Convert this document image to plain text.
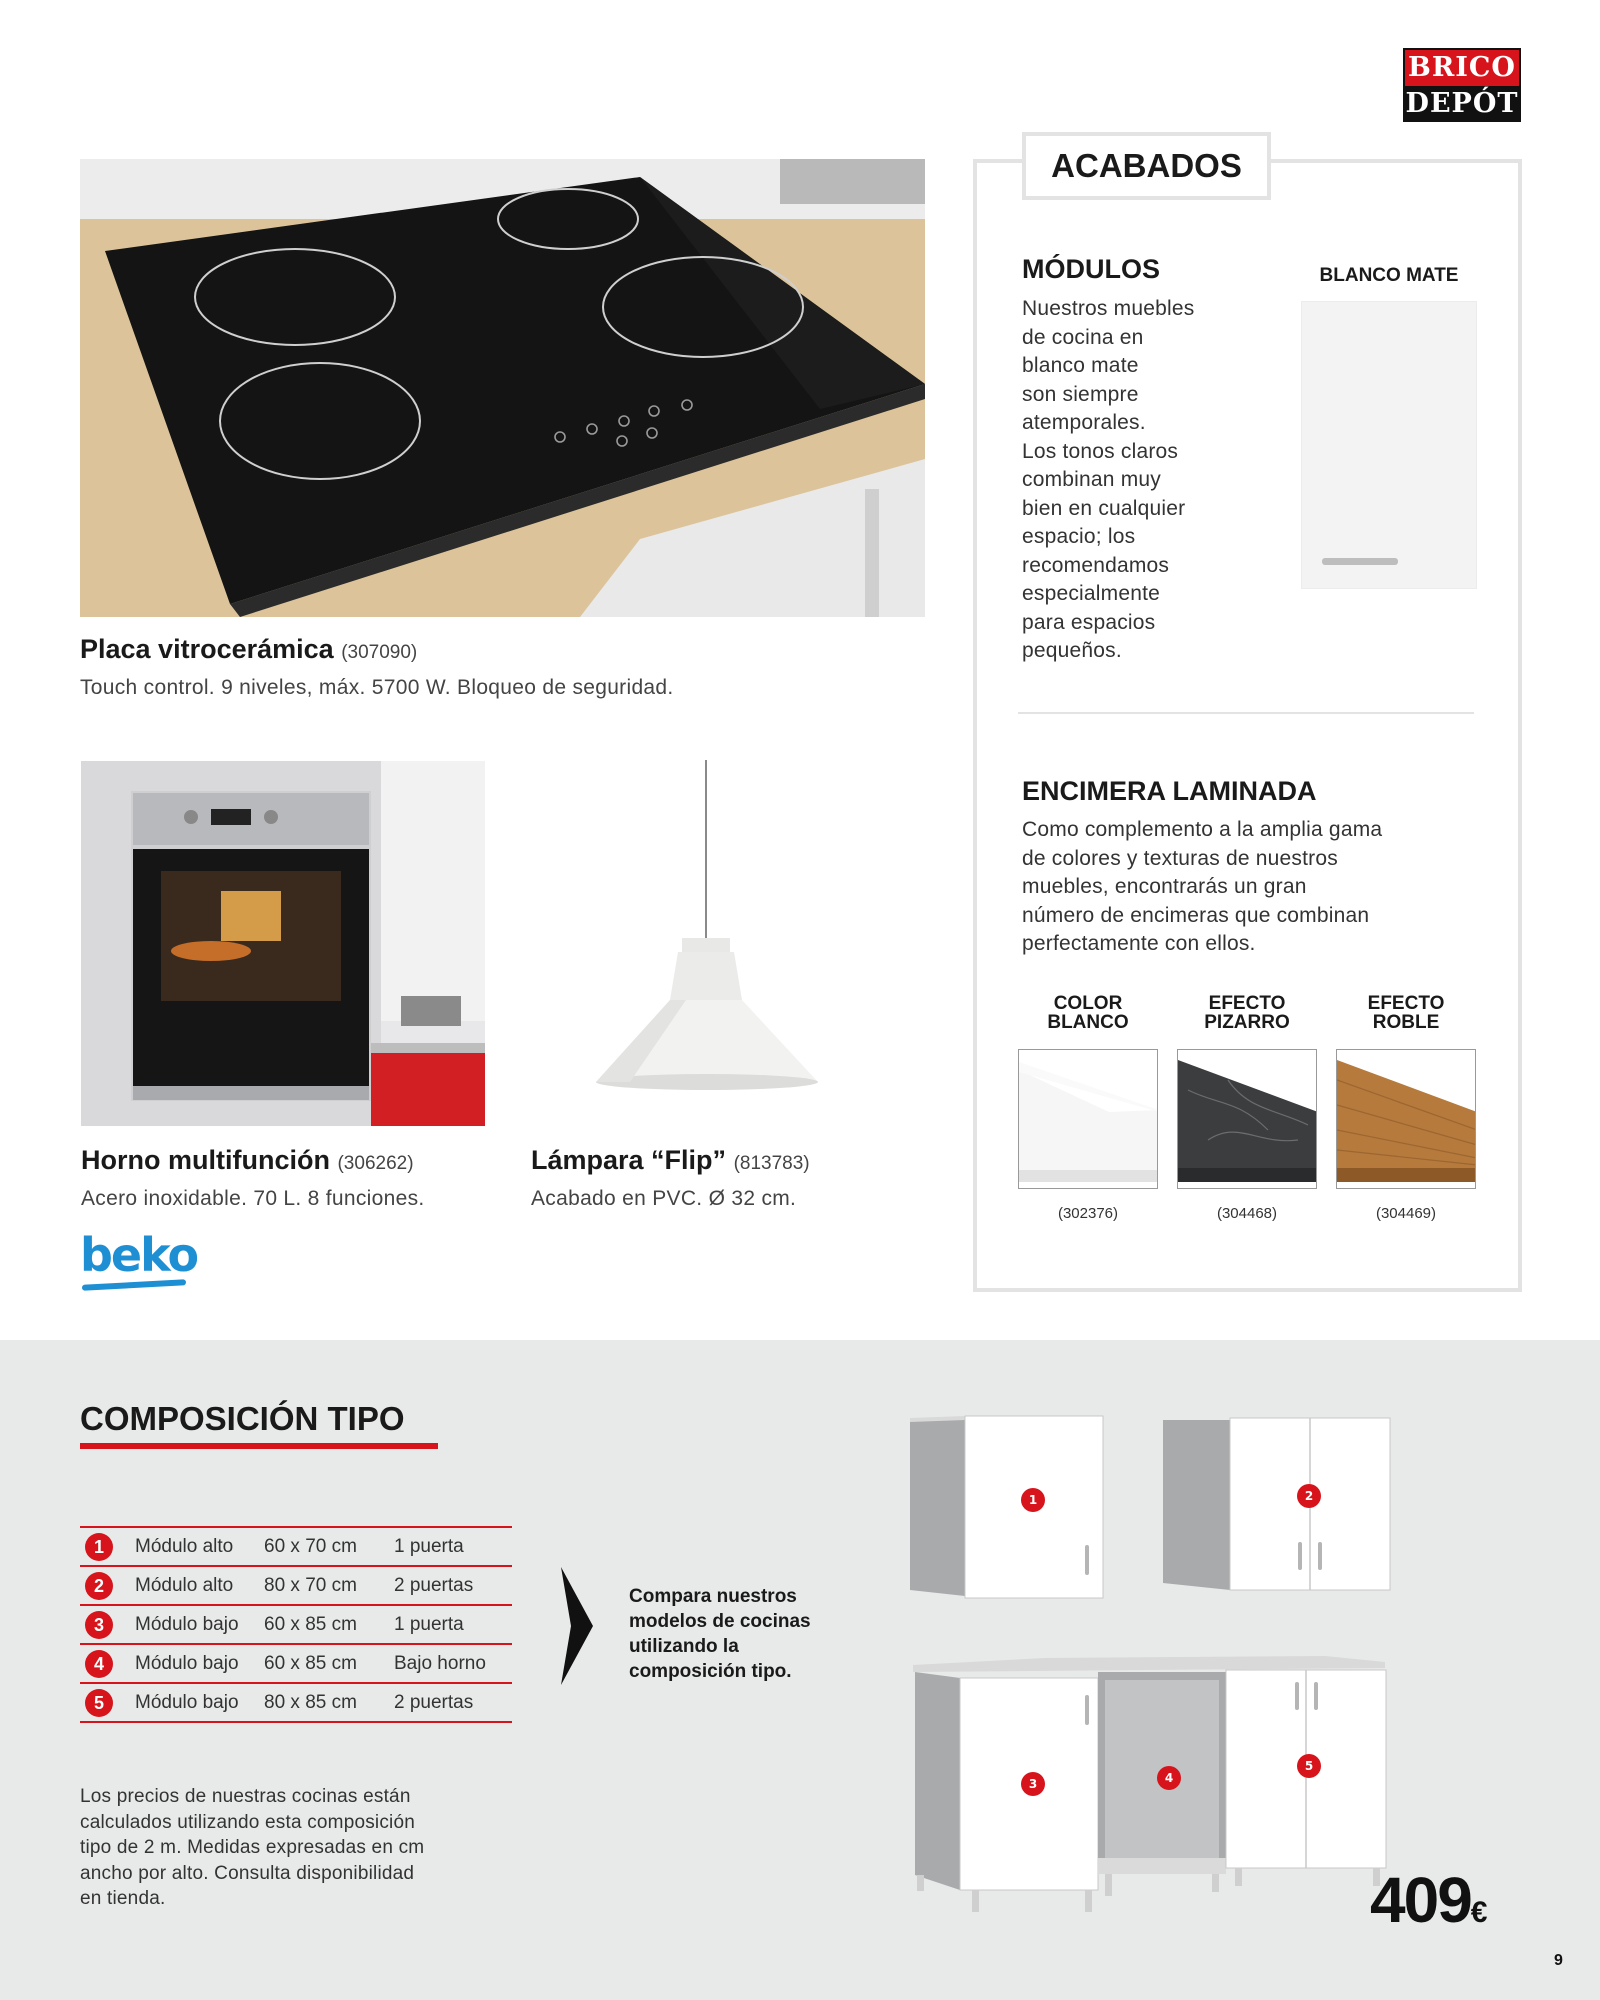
BRICO
DEPÓT
Placa vitrocerámica (307090)
Touch control. 9 niveles, máx. 5700 W. Bloqueo de seguridad.
Horno multifunción (306262)
Acero inoxidable. 70 L. 8 funciones.
beko
Lámpara “Flip” (813783)
Acabado en PVC. Ø 32 cm.
ACABADOS
MÓDULOS
Nuestros muebles
de cocina en
blanco mate
son siempre
atemporales.
Los tonos claros
combinan muy
bien en cualquier
espacio; los
recomendamos
especialmente
para espacios
pequeños.
BLANCO MATE
ENCIMERA LAMINADA
Como complemento a la amplia gama
de colores y texturas de nuestros
muebles, encontrarás un gran
número de encimeras que combinan
perfectamente con ellos.
COLOR
BLANCO
(302376)
EFECTO
PIZARRO
(304468)
EFECTO
ROBLE
(304469)
COMPOSICIÓN TIPO
1	Módulo alto 60 x 70 cm 1 puerta
2	Módulo alto 80 x 70 cm 2 puertas
3	Módulo bajo 60 x 85 cm 1 puerta
4	Módulo bajo 60 x 85 cm Bajo horno
5	Módulo bajo 80 x 85 cm 2 puertas
Compara nuestros
modelos de cocinas
utilizando la
composición tipo.
Los precios de nuestras cocinas están
calculados utilizando esta composición
tipo de 2 m. Medidas expresadas en cm
ancho por alto. Consulta disponibilidad
en tienda.
1	2
3	4
5
409€
9
